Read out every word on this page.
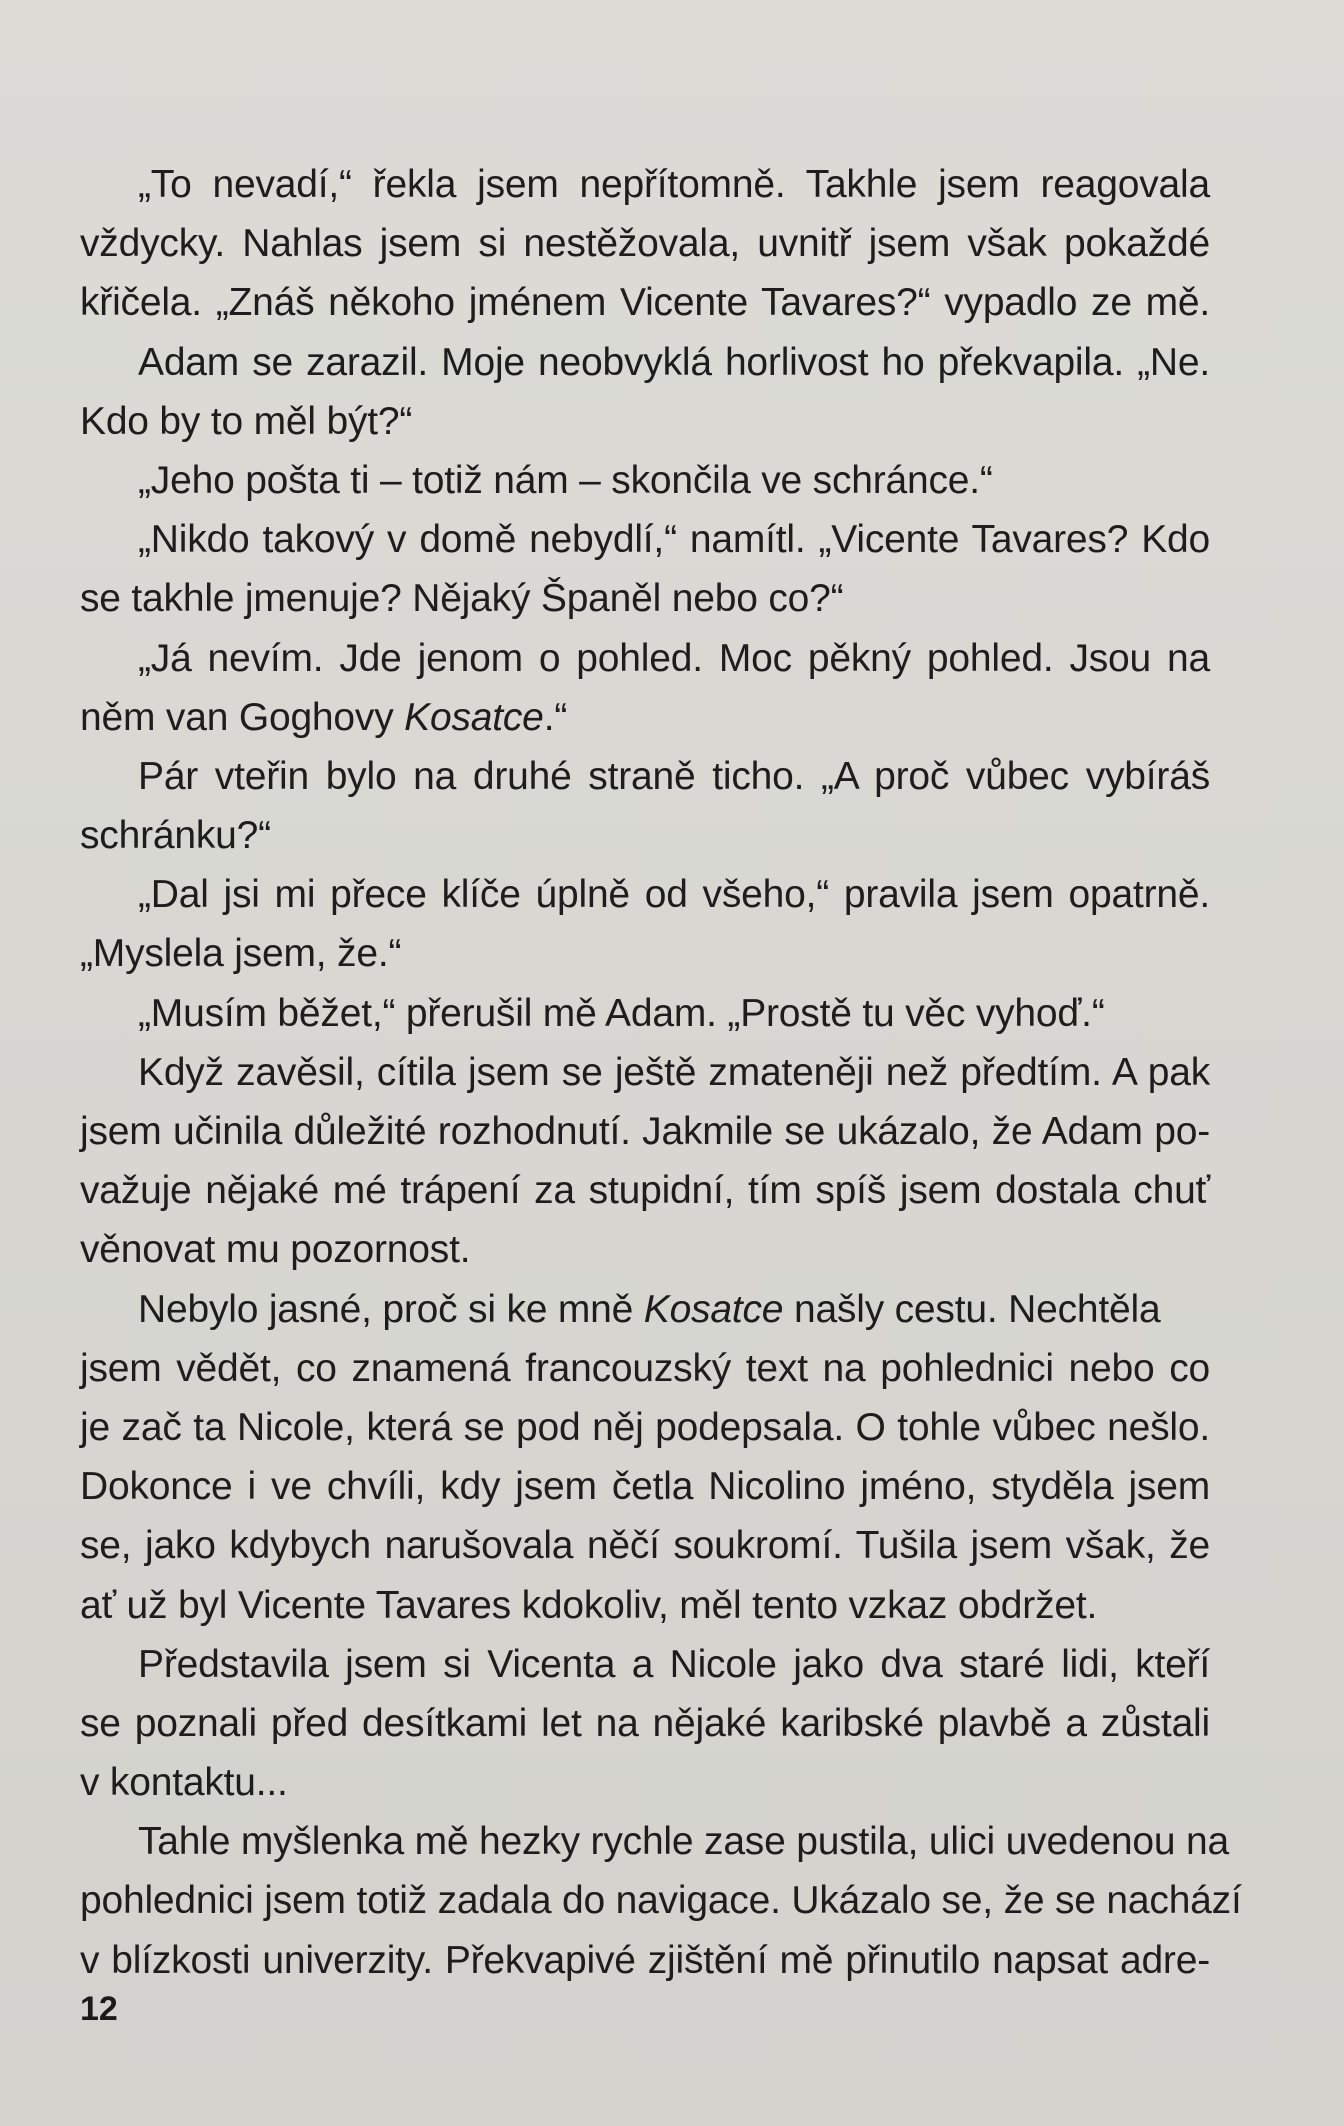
„To nevadí,“ řekla jsem nepřítomně. Takhle jsem reagovala
vždycky. Nahlas jsem si nestěžovala, uvnitř jsem však pokaždé
křičela. „Znáš někoho jménem Vicente Tavares?“ vypadlo ze mě.
Adam se zarazil. Moje neobvyklá horlivost ho překvapila. „Ne.
Kdo by to měl být?“
„Jeho pošta ti – totiž nám – skončila ve schránce.“
„Nikdo takový v domě nebydlí,“ namítl. „Vicente Tavares? Kdo
se takhle jmenuje? Nějaký Španěl nebo co?“
„Já nevím. Jde jenom o pohled. Moc pěkný pohled. Jsou na
něm van Goghovy Kosatce.“
Pár vteřin bylo na druhé straně ticho. „A proč vůbec vybíráš
schránku?“
„Dal jsi mi přece klíče úplně od všeho,“ pravila jsem opatrně.
„Myslela jsem, že.“
„Musím běžet,“ přerušil mě Adam. „Prostě tu věc vyhoď.“
Když zavěsil, cítila jsem se ještě zmateněji než předtím. A pak
jsem učinila důležité rozhodnutí. Jakmile se ukázalo, že Adam po-
važuje nějaké mé trápení za stupidní, tím spíš jsem dostala chuť
věnovat mu pozornost.
Nebylo jasné, proč si ke mně Kosatce našly cestu. Nechtěla
jsem vědět, co znamená francouzský text na pohlednici nebo co
je zač ta Nicole, která se pod něj podepsala. O tohle vůbec nešlo.
Dokonce i ve chvíli, kdy jsem četla Nicolino jméno, styděla jsem
se, jako kdybych narušovala něčí soukromí. Tušila jsem však, že
ať už byl Vicente Tavares kdokoliv, měl tento vzkaz obdržet.
Představila jsem si Vicenta a Nicole jako dva staré lidi, kteří
se poznali před desítkami let na nějaké karibské plavbě a zůstali
v kontaktu...
Tahle myšlenka mě hezky rychle zase pustila, ulici uvedenou na
pohlednici jsem totiž zadala do navigace. Ukázalo se, že se nachází
v blízkosti univerzity. Překvapivé zjištění mě přinutilo napsat adre-
12
